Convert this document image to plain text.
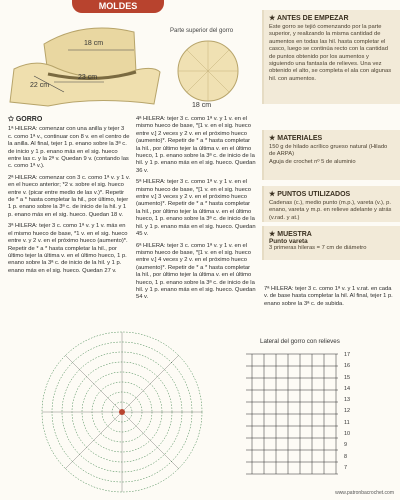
MOLDES
18 cm
22 cm
23 cm
Parte superior del gorro
18 cm
★ ANTES DE EMPEZAR
Este gorro se tejió comenzando por la parte superior, y realizando la misma cantidad de aumentos en todas las hil. hasta completar el casco, luego se continúa recto con la cantidad de puntos obtenido por los aumentos y siguiendo una fantasía de relieves. Una vez obtenido el alto, se completa el ala con algunas hil. con aumentos.
★ MATERIALES
150 g de hilado acrílico grueso natural (Hilado de ARPA)
Aguja de crochet nº 5 de aluminio
★ PUNTOS UTILIZADOS
Cadenas (c.), medio punto (m.p.), vareta (v.), p. enano, vareta y m.p. en relieve adelante y atrás (v.rad. y at.)
★ MUESTRA
Punto vareta
3 primeras hileras = 7 cm de diámetro
✩ GORRO

1ª HILERA: comenzar con una anilla y tejer 3 c. como 1ª v., continuar con 8 v. en el centro de la anilla. Al final, tejer 1 p. enano sobre la 3ª c. de inicio y 1 p. enano más en el sig. hueco entre las c. y la 2ª v. Quedan 9 v. (contando las c. como 1ª v.).

2ª HILERA: comenzar con 3 c. como 1ª v. y 1 v. en el hueco anterior; *2 v. sobre el sig. hueco entre v. (picar entre medio de las v.)*. Repetir de * a * hasta completar la hil., por último, tejer 1 p. enano sobre la 3ª c. de inicio de la hil. y 1 p. enano más en el sig. hueco. Quedan 18 v.

3ª HILERA: tejer 3 c. como 1ª v. y 1 v. más en el mismo hueco de base, *1 v. en el sig. hueco entre v. y 2 v. en el próximo hueco (aumento)*. Repetir de * a * hasta completar la hil., por último tejer la última v. en el último hueco, 1 p. enano sobre la 3ª c. de inicio de la hil. y 1 p. enano más en el sig. hueco. Quedan 27 v.

4ª HILERA: tejer 3 c. como 1ª v. y 1 v. en el mismo hueco de base, *[1 v. en el sig. hueco entre v.] 2 veces y 2 v. en el próximo hueco (aumento)*. Repetir de * a * hasta completar la hil., por último tejer la última v. en el último hueco, 1 p. enano sobre la 3ª c. de inicio de la hil. y 1 p. enano más en el sig. hueco. Quedan 36 v.

5ª HILERA: tejer 3 c. como 1ª v. y 1 v. en el mismo hueco de base, *[1 v. en el sig. hueco entre v.] 3 veces y 2 v. en el próximo hueco (aumento)*. Repetir de * a * hasta completar la hil., por último tejer la última v. en el último hueco, 1 p. enano sobre la 3ª c. de inicio de la hil. y 1 p. enano más en el sig. hueco. Quedan 45 v.

6ª HILERA: tejer 3 c. como 1ª v. y 1 v. en el mismo hueco de base, *[1 v. en el sig. hueco entre v.] 4 veces y 2 v. en el próximo hueco (aumento)*. Repetir de * a * hasta completar la hil., por último tejer la última v. en el último hueco, 1 p. enano sobre la 3ª c. de inicio de la hil. y 1 p. enano más en el sig. hueco. Quedan 54 v.

7ª HILERA: tejer 3 c. como 1ª v. y 1 v.rat. en cada v. de base hasta completar la hil. Al final, tejer 1 p. enano sobre la 3ª c. de subida.

Lateral del gorro con relieves
17
16
15
14
13
12
11
10
9
8
7
www.patronbacrochet.com
